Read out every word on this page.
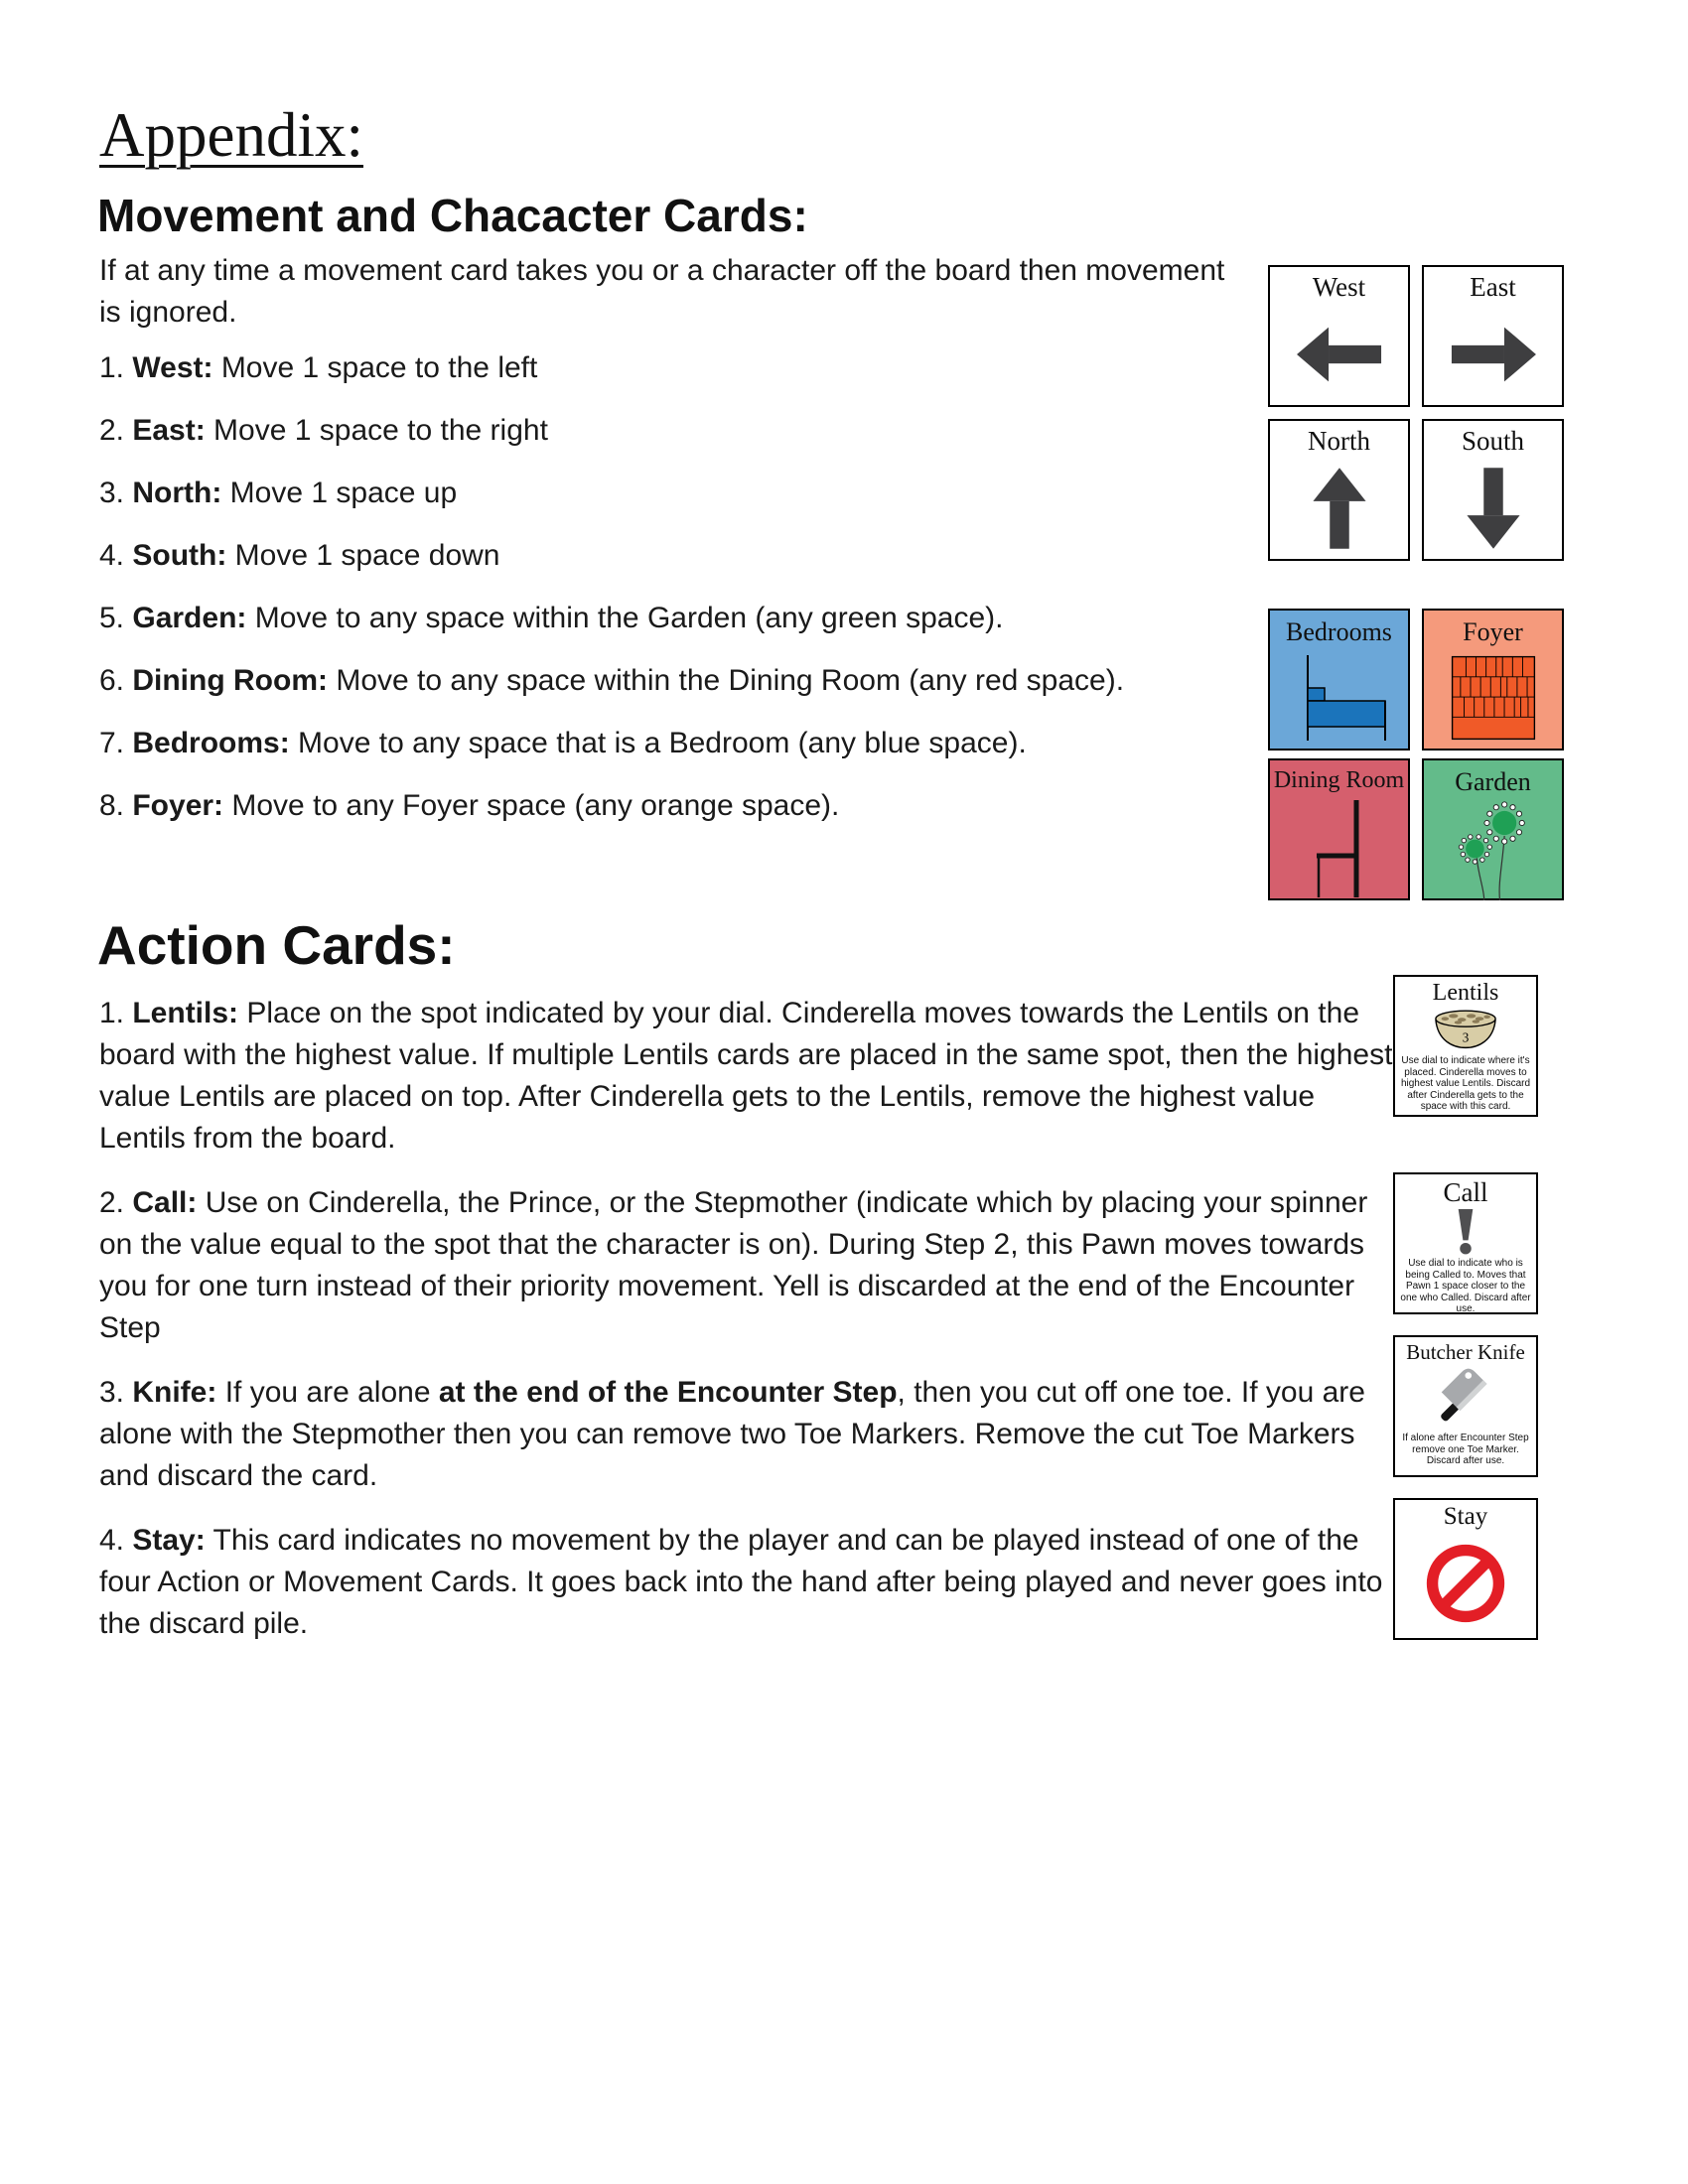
Appendix:
Movement and Chacacter Cards:
If at any time a movement card takes you or a character off the board then movement is ignored.
1. West: Move 1 space to the left
2. East: Move 1 space to the right
3. North: Move 1 space up
4. South: Move 1 space down
5. Garden: Move to any space within the Garden (any green space).
6. Dining Room: Move to any space within the Dining Room (any red space).
7. Bedrooms: Move to any space that is a Bedroom (any blue space).
8. Foyer: Move to any Foyer space (any orange space).
West	East
North	South
Bedrooms	Foyer
Dining Room Garden
Action Cards:
1. Lentils: Place on the spot indicated by your dial. Cinderella moves towards the Lentils on the board with the highest value. If multiple Lentils cards are placed in the same spot, then the highest value Lentils are placed on top. After Cinderella gets to the Lentils, remove the highest value Lentils from the board.
2. Call: Use on Cinderella, the Prince, or the Stepmother (indicate which by placing your spinner on the value equal to the spot that the character is on). During Step 2, this Pawn moves towards you for one turn instead of their priority movement. Yell is discarded at the end of the Encounter Step
3. Knife: If you are alone at the end of the Encounter Step, then you cut off one toe. If you are alone with the Stepmother then you can remove two Toe Markers. Remove the cut Toe Markers and discard the card.
4. Stay: This card indicates no movement by the player and can be played instead of one of the four Action or Movement Cards. It goes back into the hand after being played and never goes into the discard pile.
Lentils
3
Use dial to indicate where it's placed. Cinderella moves to highest value Lentils. Discard after Cinderella gets to the space with this card.
Call
Use dial to indicate who is being Called to. Moves that Pawn 1 space closer to the one who Called. Discard after use.
Butcher Knife
If alone after Encounter Step remove one Toe Marker. Discard after use.
Stay
